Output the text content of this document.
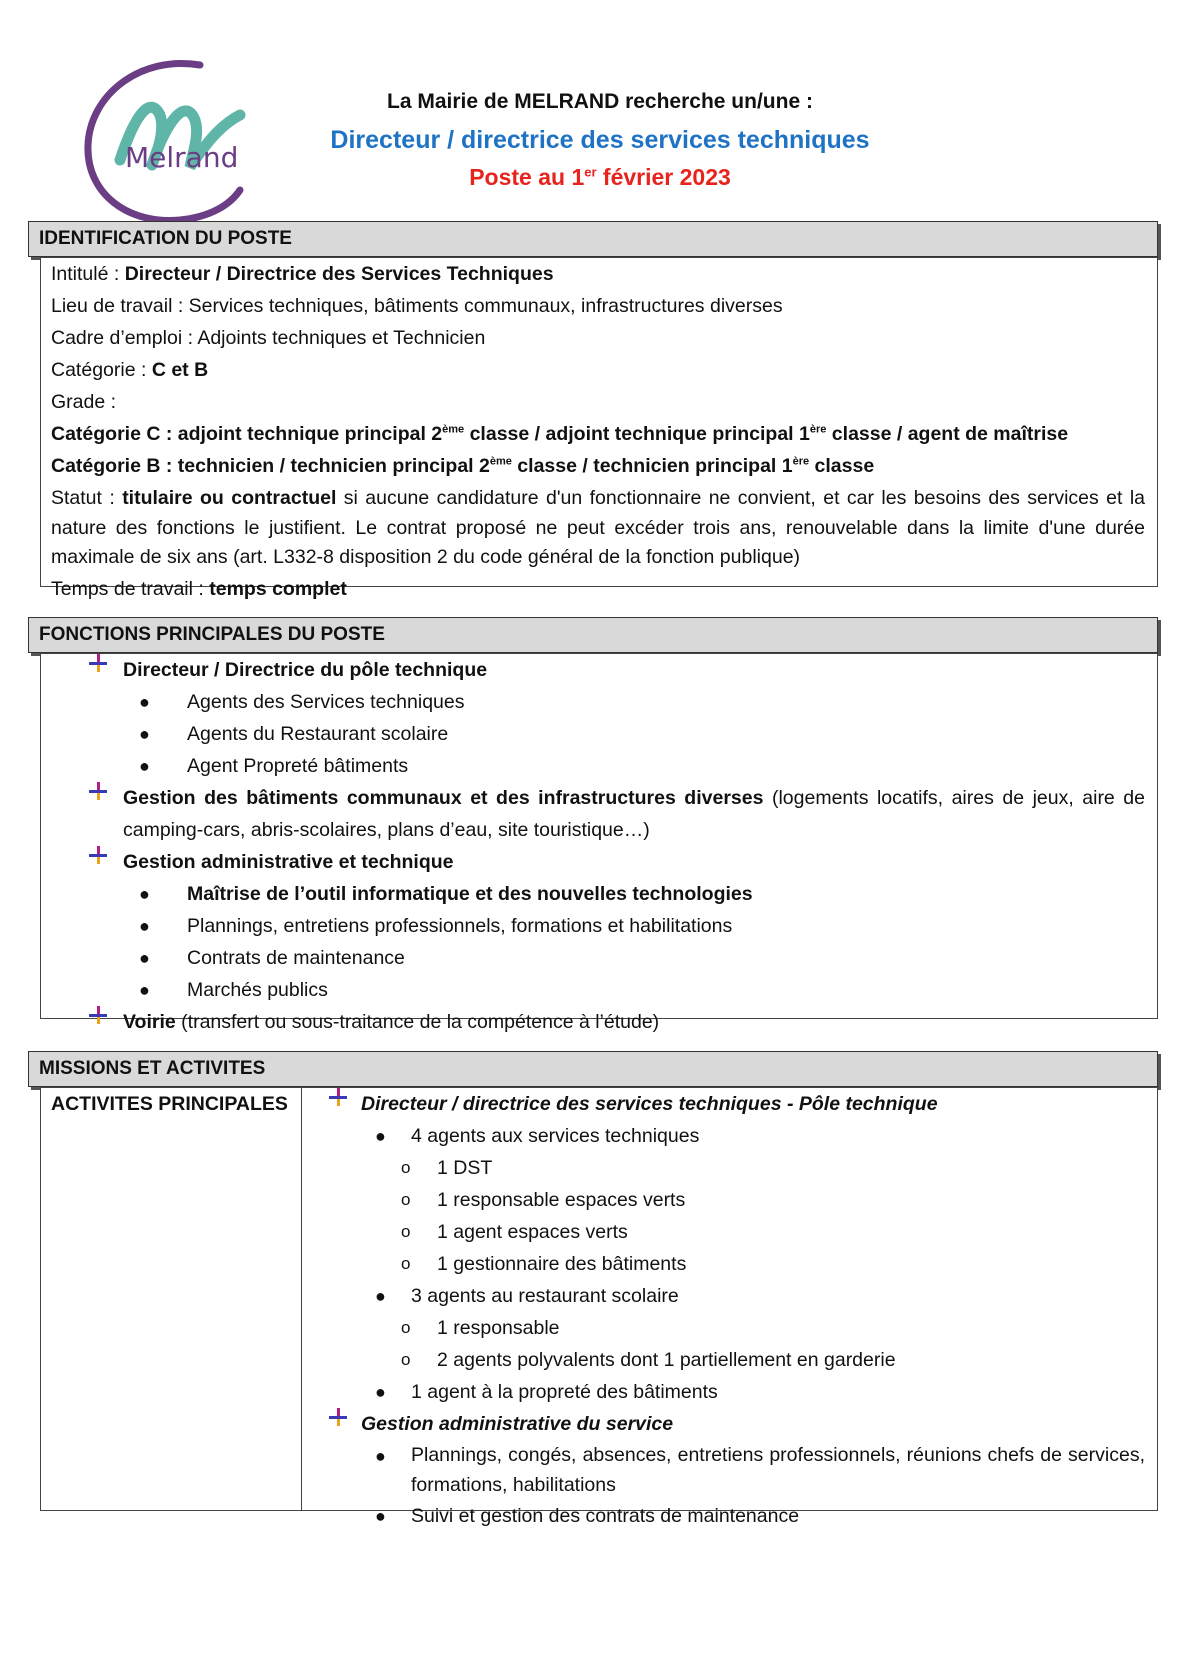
Melrand
La Mairie de MELRAND recherche un/une :
Directeur / directrice des services techniques
Poste au 1er février 2023
IDENTIFICATION DU POSTE
Intitulé : Directeur / Directrice des Services Techniques
Lieu de travail : Services techniques, bâtiments communaux, infrastructures diverses
Cadre d’emploi : Adjoints techniques et Technicien
Catégorie : C et B
Grade :
Catégorie C : adjoint technique principal 2ème classe / adjoint technique principal 1ère classe / agent de maîtrise
Catégorie B : technicien / technicien principal 2ème classe / technicien principal 1ère classe
Statut : titulaire ou contractuel si aucune candidature d'un fonctionnaire ne convient, et car les besoins des services et la nature des fonctions le justifient. Le contrat proposé ne peut excéder trois ans, renouvelable dans la limite d'une durée maximale de six ans (art. L332-8 disposition 2 du code général de la fonction publique)
Temps de travail : temps complet
FONCTIONS PRINCIPALES DU POSTE
Directeur / Directrice du pôle technique
●	Agents des Services techniques
●	Agents du Restaurant scolaire
●	Agent Propreté bâtiments
Gestion des bâtiments communaux et des infrastructures diverses (logements locatifs, aires de jeux, aire de camping-cars, abris-scolaires, plans d’eau, site touristique…)
Gestion administrative et technique
●	Maîtrise de l’outil informatique et des nouvelles technologies
●	Plannings, entretiens professionnels, formations et habilitations
●	Contrats de maintenance
●	Marchés publics
Voirie (transfert ou sous-traitance de la compétence à l’étude)
MISSIONS ET ACTIVITES
ACTIVITES PRINCIPALES	Directeur / directrice des services techniques - Pôle technique
●	4 agents aux services techniques
o	1 DST
o	1 responsable espaces verts
o	1 agent espaces verts
o	1 gestionnaire des bâtiments
●	3 agents au restaurant scolaire
o	1 responsable
o	2 agents polyvalents dont 1 partiellement en garderie
●	1 agent à la propreté des bâtiments
Gestion administrative du service
●	Plannings, congés, absences, entretiens professionnels, réunions chefs de services, formations, habilitations
●	Suivi et gestion des contrats de maintenance
